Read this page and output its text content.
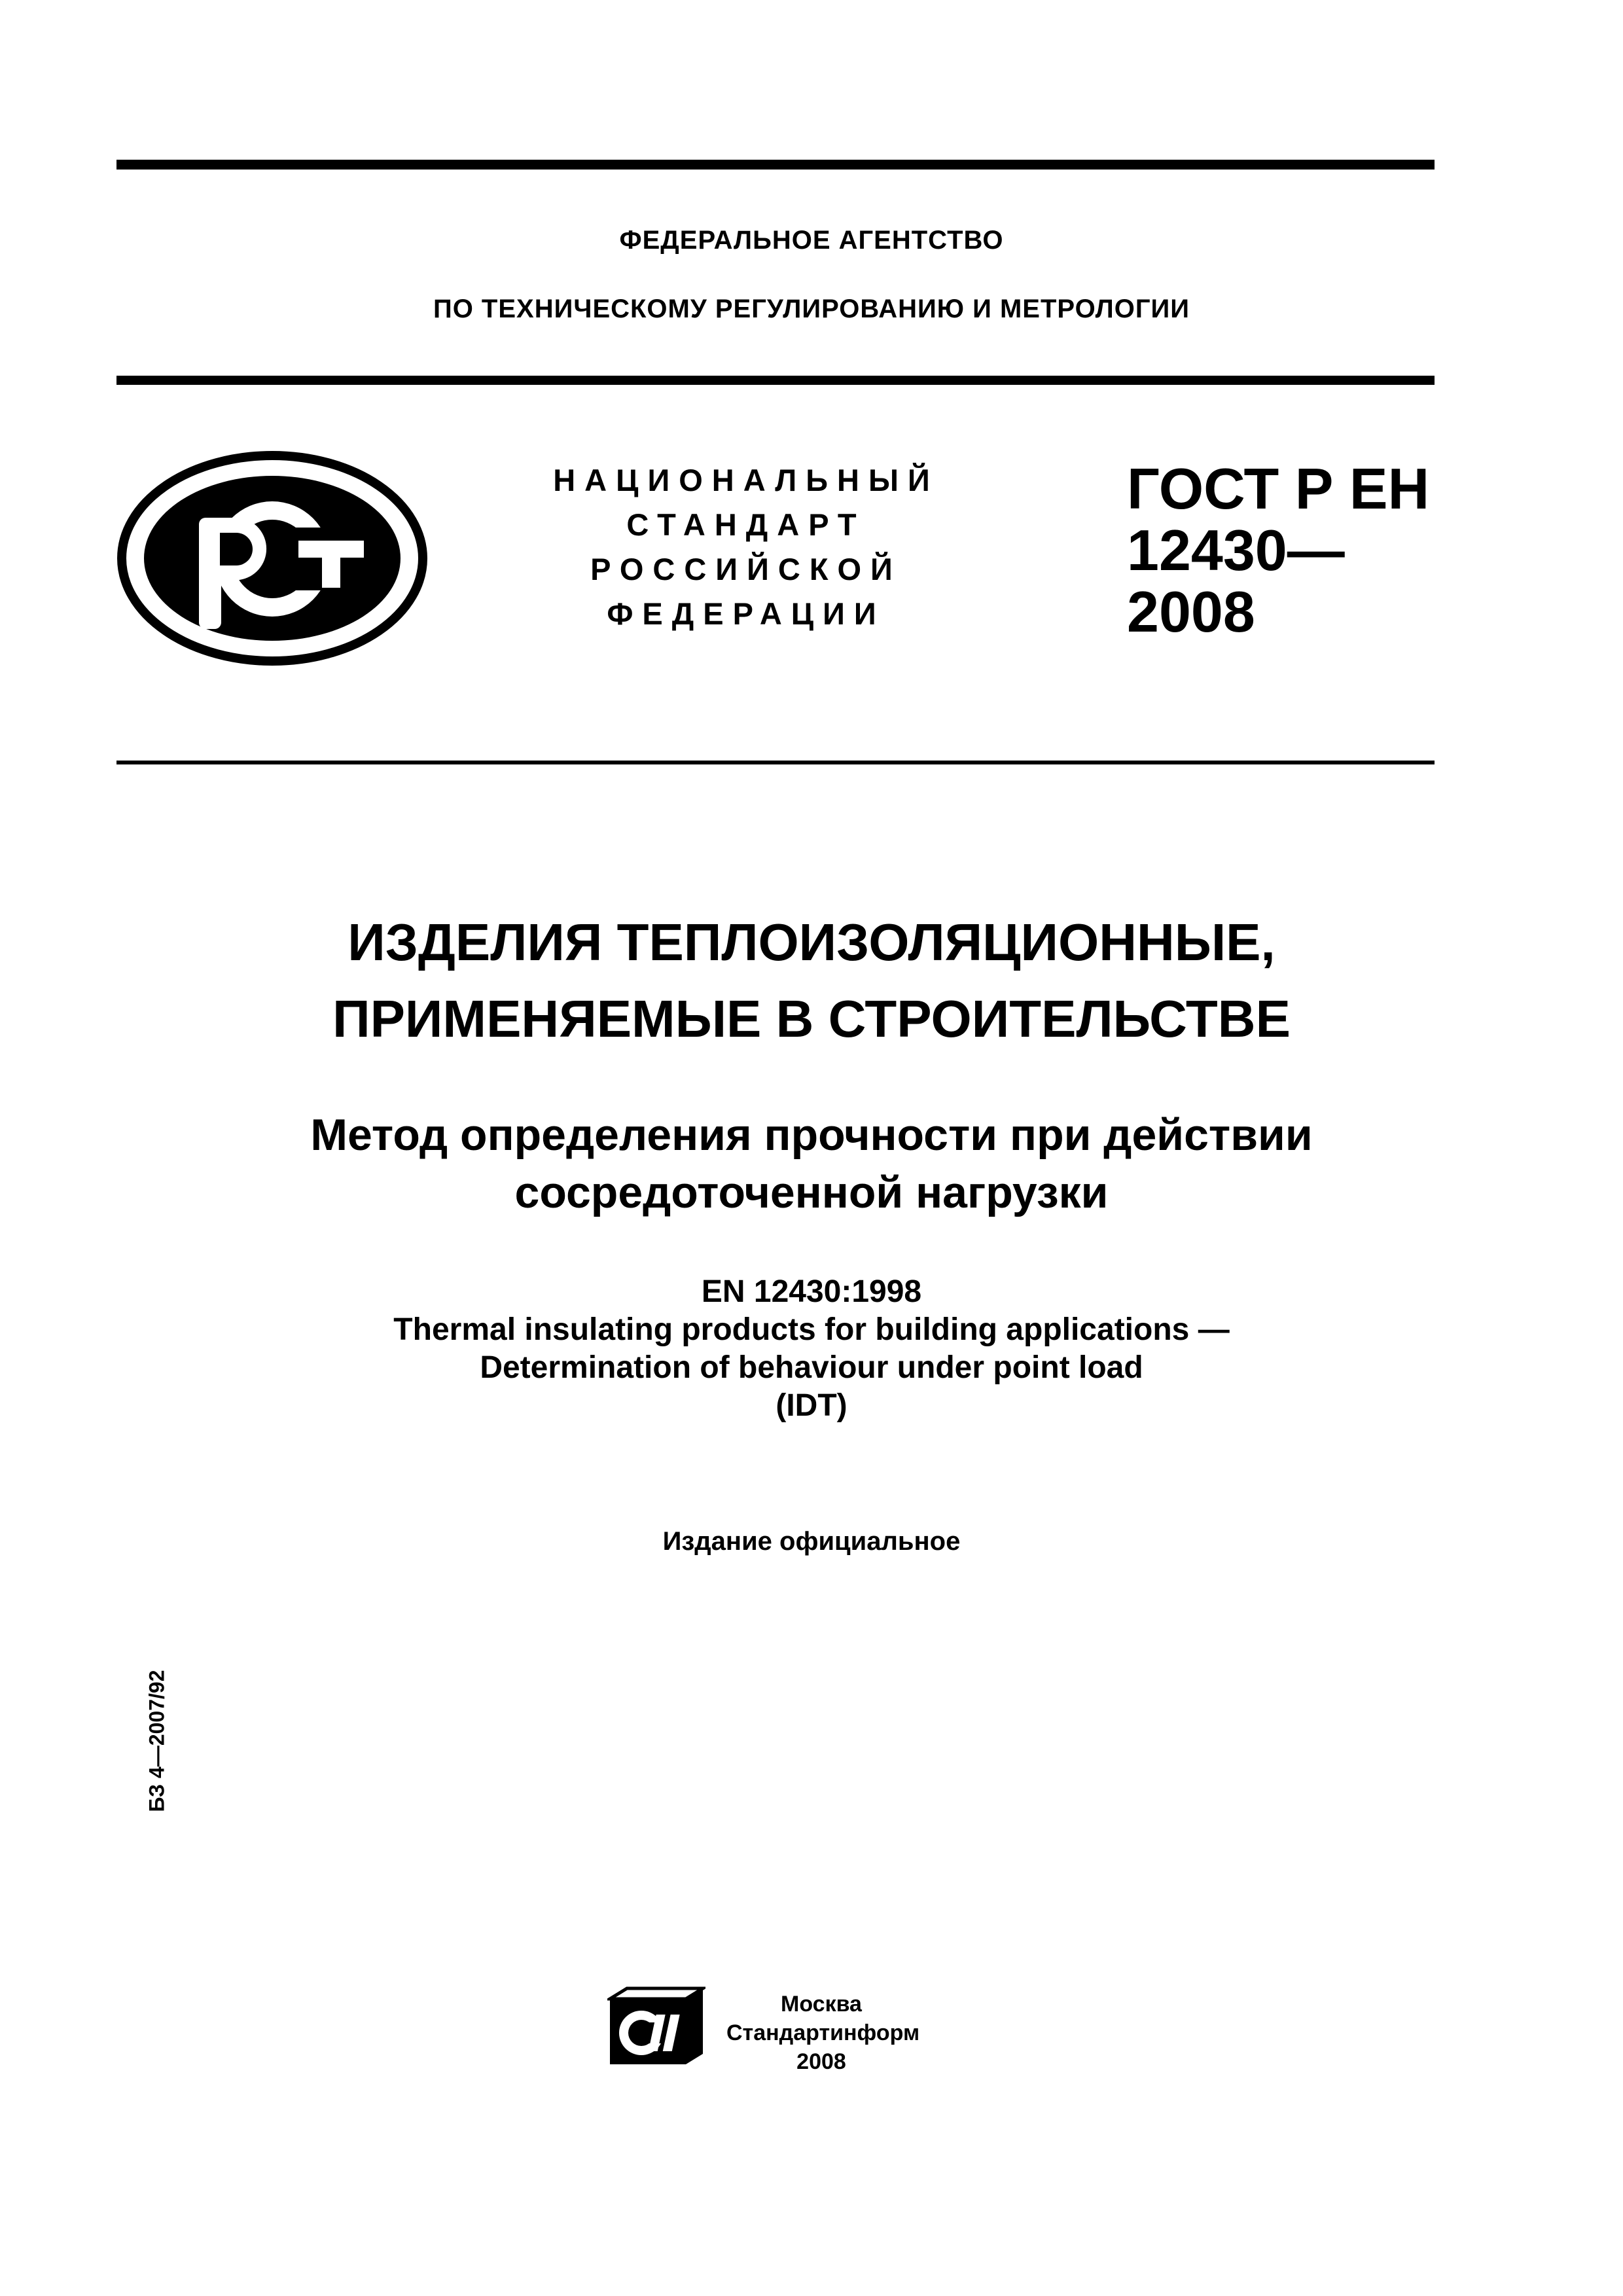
ФЕДЕРАЛЬНОЕ АГЕНТСТВО
ПО ТЕХНИЧЕСКОМУ РЕГУЛИРОВАНИЮ И МЕТРОЛОГИИ
НАЦИОНАЛЬНЫЙ
СТАНДАРТ
РОССИЙСКОЙ
ФЕДЕРАЦИИ
ГОСТ Р ЕН
12430—
2008
ИЗДЕЛИЯ ТЕПЛОИЗОЛЯЦИОННЫЕ,
ПРИМЕНЯЕМЫЕ В СТРОИТЕЛЬСТВЕ
Метод определения прочности при действии
сосредоточенной нагрузки
EN 12430:1998
Thermal insulating products for building applications —
Determination of behaviour under point load
(IDT)
Издание официальное
БЗ 4—2007/92
Москва
Стандартинформ
2008
